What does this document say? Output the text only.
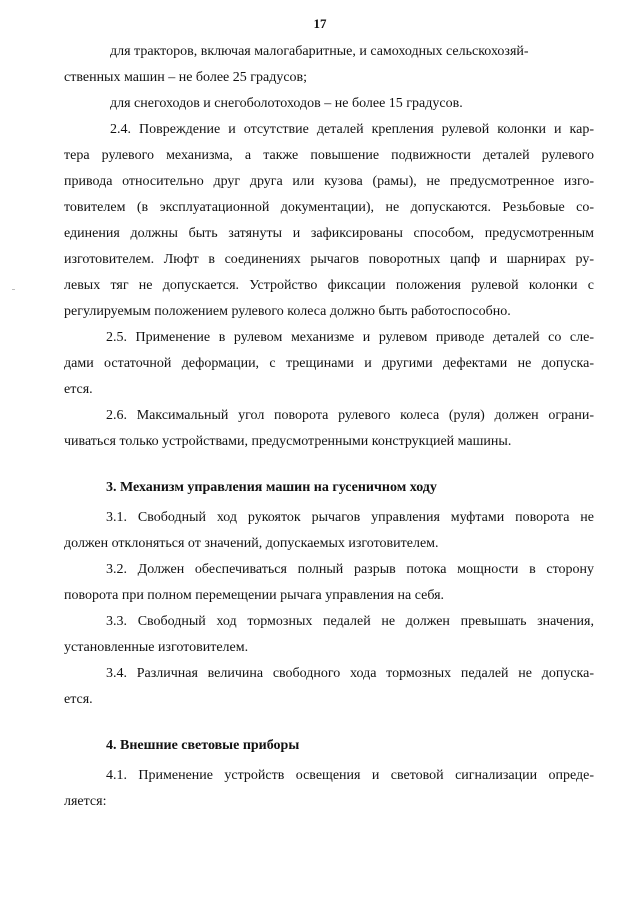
17
для тракторов, включая малогабаритные, и самоходных сельскохозяй-
ственных машин – не более 25 градусов;
для снегоходов и снегоболотоходов – не более 15 градусов.
2.4. Повреждение и отсутствие деталей крепления рулевой колонки и кар-
тера рулевого механизма, а также повышение подвижности деталей рулевого
привода относительно друг друга или кузова (рамы), не предусмотренное изго-
товителем (в эксплуатационной документации), не допускаются. Резьбовые со-
единения должны быть затянуты и зафиксированы способом, предусмотренным
изготовителем. Люфт в соединениях рычагов поворотных цапф и шарнирах ру-
левых тяг не допускается. Устройство фиксации положения рулевой колонки с
регулируемым положением рулевого колеса должно быть работоспособно.
2.5. Применение в рулевом механизме и рулевом приводе деталей со сле-
дами остаточной деформации, с трещинами и другими дефектами не допуска-
ется.
2.6. Максимальный угол поворота рулевого колеса (руля) должен ограни-
чиваться только устройствами, предусмотренными конструкцией машины.
3. Механизм управления машин на гусеничном ходу
3.1. Свободный ход рукояток рычагов управления муфтами поворота не
должен отклоняться от значений, допускаемых изготовителем.
3.2. Должен обеспечиваться полный разрыв потока мощности в сторону
поворота при полном перемещении рычага управления на себя.
3.3. Свободный ход тормозных педалей не должен превышать значения,
установленные изготовителем.
3.4. Различная величина свободного хода тормозных педалей не допуска-
ется.
4. Внешние световые приборы
4.1. Применение устройств освещения и световой сигнализации опреде-
ляется:
